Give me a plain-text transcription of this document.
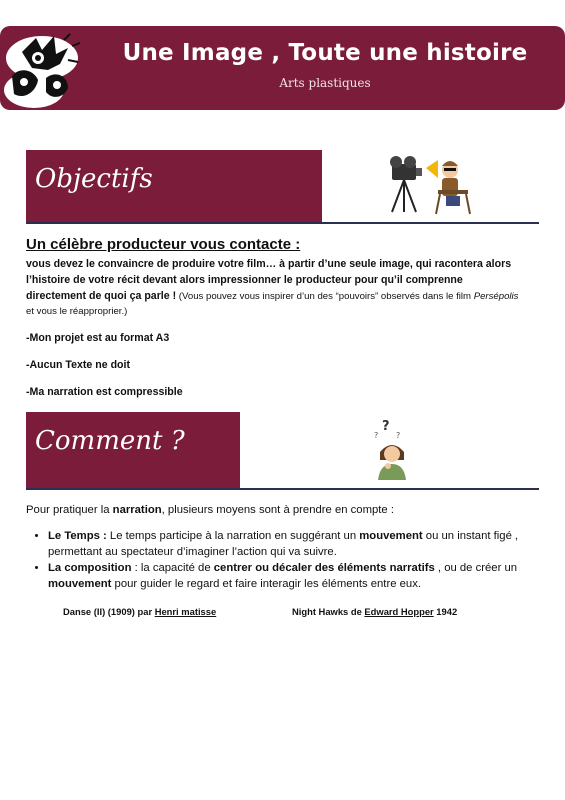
Une Image , Toute une histoire
Arts plastiques
Objectifs
Un célèbre producteur vous contacte :
vous devez le convaincre de produire votre film… à partir d’une seule image, qui racontera alors
l’histoire de votre récit devant alors impressionner le producteur pour qu’il comprenne
directement de quoi ça parle ! (Vous pouvez vous inspirer d’un des “pouvoirs” observés dans le film Persépolis
et vous le réapproprier.)
-Mon projet est au format A3
-Aucun Texte ne doit
-Ma narration est compressible
Comment ?	?
? ?
Pour pratiquer la narration, plusieurs moyens sont à prendre en compte :
• Le Temps : Le temps participe à la narration en suggérant un mouvement ou un instant figé , permettant au spectateur d’imaginer l’action qui va suivre.
• La composition : la capacité de centrer ou décaler des éléments narratifs , ou de créer un mouvement pour guider le regard et faire interagir les éléments entre eux.
Danse (II) (1909) par Henri matisse	Night Hawks de Edward Hopper 1942
